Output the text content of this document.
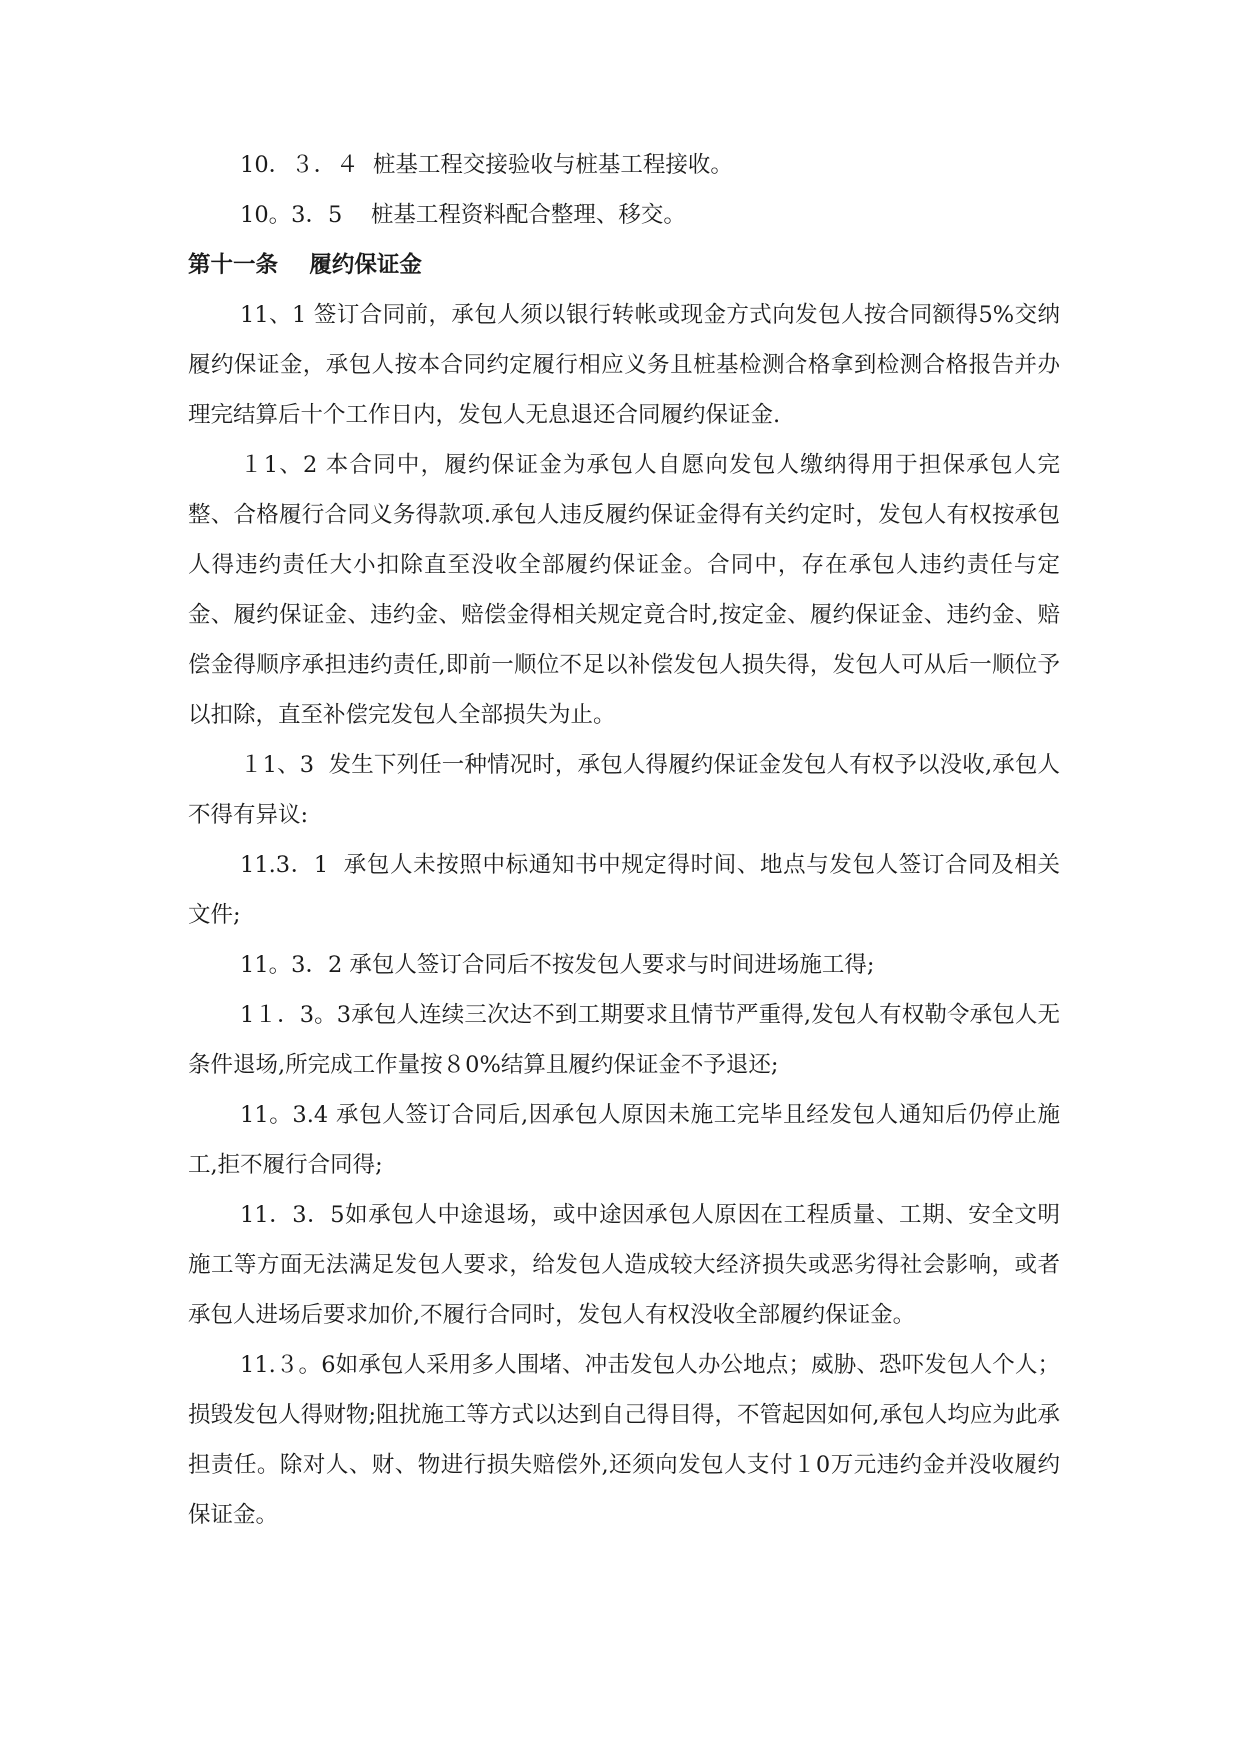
10．３．４  桩基工程交接验收与桩基工程接收。

10。3．5    桩基工程资料配合整理、移交。

第十一条    履约保证金

11、1 签订合同前，承包人须以银行转帐或现金方式向发包人按合同额得5%交纳履约保证金，承包人按本合同约定履行相应义务且桩基检测合格拿到检测合格报告并办理完结算后十个工作日内，发包人无息退还合同履约保证金.

１1、2 本合同中，履约保证金为承包人自愿向发包人缴纳得用于担保承包人完整、合格履行合同义务得款项.承包人违反履约保证金得有关约定时，发包人有权按承包人得违约责任大小扣除直至没收全部履约保证金。合同中，存在承包人违约责任与定金、履约保证金、违约金、赔偿金得相关规定竟合时,按定金、履约保证金、违约金、赔偿金得顺序承担违约责任,即前一顺位不足以补偿发包人损失得，发包人可从后一顺位予以扣除，直至补偿完发包人全部损失为止。

１1、3  发生下列任一种情况时，承包人得履约保证金发包人有权予以没收,承包人不得有异议:

11.3．1  承包人未按照中标通知书中规定得时间、地点与发包人签订合同及相关文件;

11。3．2 承包人签订合同后不按发包人要求与时间进场施工得;

1１．3。3承包人连续三次达不到工期要求且情节严重得,发包人有权勒令承包人无条件退场,所完成工作量按８0%结算且履约保证金不予退还;

11。3.4 承包人签订合同后,因承包人原因未施工完毕且经发包人通知后仍停止施工,拒不履行合同得;

11．3．5如承包人中途退场，或中途因承包人原因在工程质量、工期、安全文明施工等方面无法满足发包人要求，给发包人造成较大经济损失或恶劣得社会影响，或者承包人进场后要求加价,不履行合同时，发包人有权没收全部履约保证金。

11.３。6如承包人采用多人围堵、冲击发包人办公地点；威胁、恐吓发包人个人；损毁发包人得财物;阻扰施工等方式以达到自己得目得，不管起因如何,承包人均应为此承担责任。除对人、财、物进行损失赔偿外,还须向发包人支付１0万元违约金并没收履约保证金。
